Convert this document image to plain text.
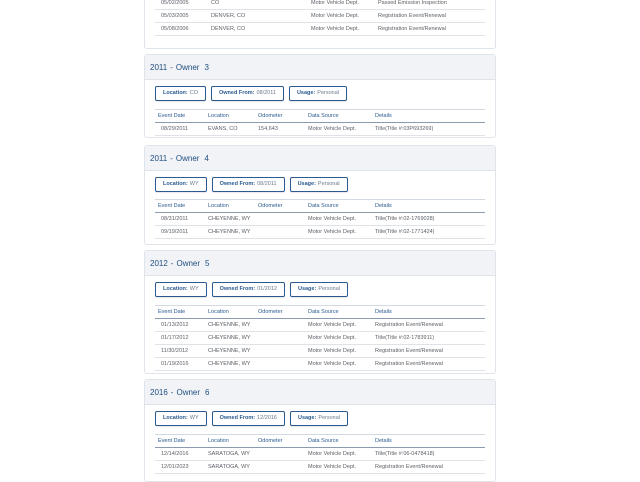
05/02/2005	CO		Motor Vehicle Dept.	Passed Emission Inspection
05/03/2005	DENVER, CO		Motor Vehicle Dept.	Registration Event/Renewal
05/08/2006	DENVER, CO		Motor Vehicle Dept.	Registration Event/Renewal
2011 - Owner 3
Location: CO	Owned From: 08/2011	Usage: Personal
Event Date	Location	Odometer	Data Source	Details
08/29/2011	EVANS, CO	154,643	Motor Vehicle Dept.	Title(Title #:03P693269)
2011 - Owner 4
Location: WY	Owned From: 08/2011	Usage: Personal
Event Date	Location	Odometer	Data Source	Details
08/31/2011	CHEYENNE, WY		Motor Vehicle Dept.	Title(Title #:02-1769028)
09/19/2011	CHEYENNE, WY		Motor Vehicle Dept.	Title(Title #:02-1771424)
2012 - Owner 5
Location: WY	Owned From: 01/2012	Usage: Personal
Event Date	Location	Odometer	Data Source	Details
01/13/2012	CHEYENNE, WY		Motor Vehicle Dept.	Registration Event/Renewal
01/17/2012	CHEYENNE, WY		Motor Vehicle Dept.	Title(Title #:02-1783911)
11/30/2012	CHEYENNE, WY		Motor Vehicle Dept.	Registration Event/Renewal
01/19/2016	CHEYENNE, WY		Motor Vehicle Dept.	Registration Event/Renewal
2016 - Owner 6
Location: WY	Owned From: 12/2016	Usage: Personal
Event Date	Location	Odometer	Data Source	Details
12/14/2016	SARATOGA, WY		Motor Vehicle Dept.	Title(Title #:06-0478418)
12/01/2023	SARATOGA, WY		Motor Vehicle Dept.	Registration Event/Renewal
